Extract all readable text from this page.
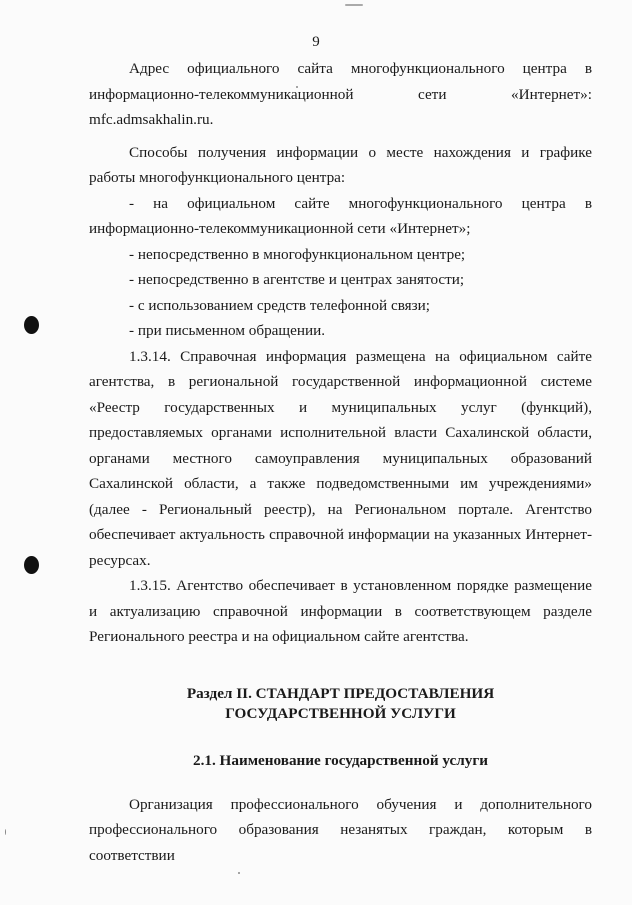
9

Адрес официального сайта многофункционального центра в информационно-телекоммуникационной сети «Интернет»: mfc.admsakhalin.ru.

Способы получения информации о месте нахождения и графике работы многофункционального центра:

- на официальном сайте многофункционального центра в информационно-телекоммуникационной сети «Интернет»;

- непосредственно в многофункциональном центре;

- непосредственно в агентстве и центрах занятости;

- с использованием средств телефонной связи;

- при письменном обращении.

1.3.14. Справочная информация размещена на официальном сайте агентства, в региональной государственной информационной системе «Реестр государственных и муниципальных услуг (функций), предоставляемых органами исполнительной власти Сахалинской области, органами местного самоуправления муниципальных образований Сахалинской области, а также подведомственными им учреждениями» (далее - Региональный реестр), на Региональном портале. Агентство обеспечивает актуальность справочной информации на указанных Интернет-ресурсах.

1.3.15. Агентство обеспечивает в установленном порядке размещение и актуализацию справочной информации в соответствующем разделе Регионального реестра и на официальном сайте агентства.

Раздел II. СТАНДАРТ ПРЕДОСТАВЛЕНИЯ
ГОСУДАРСТВЕННОЙ УСЛУГИ
2.1. Наименование государственной услуги

Организация профессионального обучения и дополнительного профессионального образования незанятых граждан, которым в соответствии
